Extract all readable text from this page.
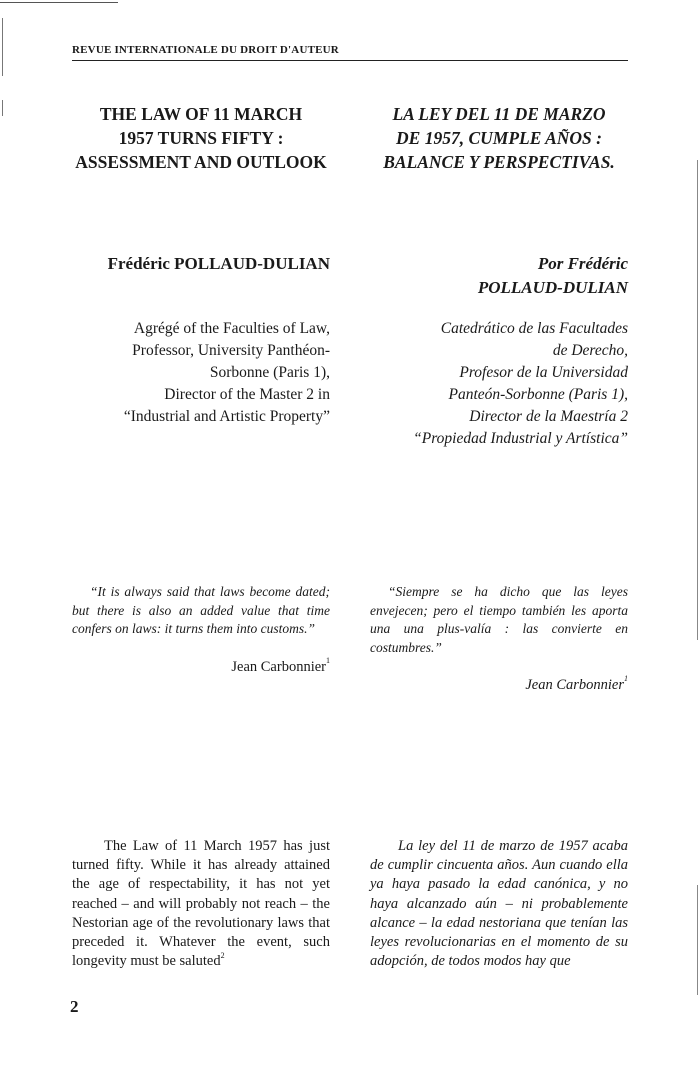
REVUE INTERNATIONALE DU DROIT D'AUTEUR

THE LAW OF 11 MARCH

1957 TURNS FIFTY :

ASSESSMENT AND OUTLOOK

LA LEY DEL 11 DE MARZO

DE 1957, CUMPLE AÑOS :

BALANCE Y PERSPECTIVAS.

Frédéric POLLAUD-DULIAN	Por Frédéric

POLLAUD-DULIAN

Agrégé of the Faculties of Law,

Professor, University Panthéon-

Sorbonne (Paris 1),

Director of the Master 2 in

“Industrial and Artistic Property”

Catedrático de las Facultades

de Derecho,

Profesor de la Universidad

Panteón-Sorbonne (Paris 1),

Director de la Maestría 2

“Propiedad Industrial y Artística”

“It is always said that laws become dated; but there is also an added value that time confers on laws: it turns them into customs.”

Jean Carbonnier$^1$

“Siempre se ha dicho que las leyes envejecen; pero el tiempo también les aporta una una plus-valía : las convierte en costumbres.”

Jean Carbonnier$^1$

The Law of 11 March 1957 has just turned fifty. While it has already attained the age of respectability, it has not yet reached – and will probably not reach – the Nestorian age of the revolutionary laws that preceded it. Whatever the event, such longevity must be saluted$^2$

La ley del 11 de marzo de 1957 acaba de cumplir cincuenta años. Aun cuando ella ya haya pasado la edad canónica, y no haya alcanzado aún – ni probablemente alcance – la edad nestoriana que tenían las leyes revolucionarias en el momento de su adopción, de todos modos hay que

2
